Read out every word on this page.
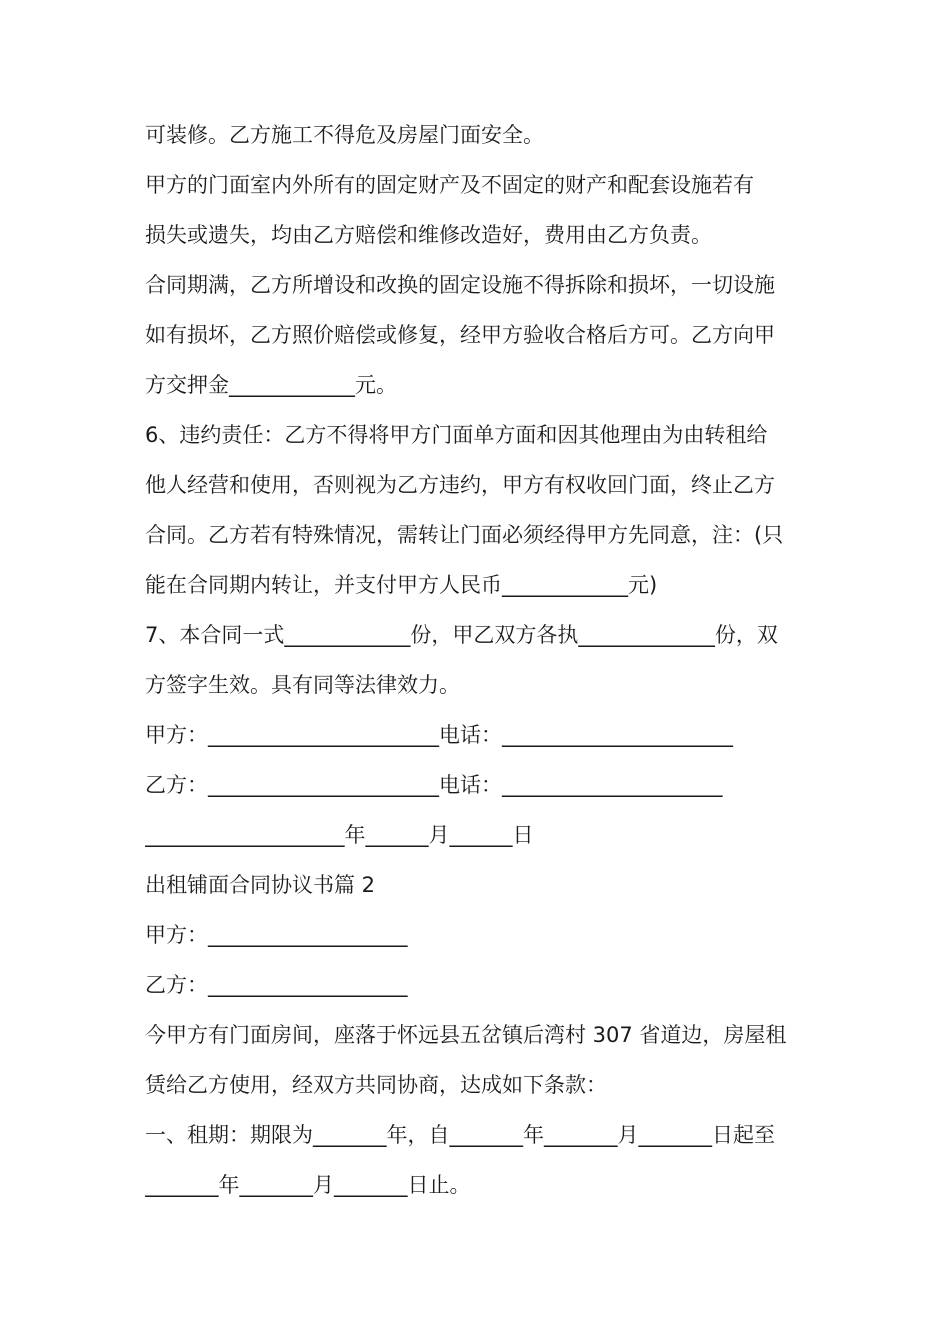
可装修。乙方施工不得危及房屋门面安全。
甲方的门面室内外所有的固定财产及不固定的财产和配套设施若有
损失或遗失，均由乙方赔偿和维修改造好，费用由乙方负责。
合同期满，乙方所增设和改换的固定设施不得拆除和损坏，一切设施
如有损坏，乙方照价赔偿或修复，经甲方验收合格后方可。乙方向甲
方交押金____________元。
6、违约责任：乙方不得将甲方门面单方面和因其他理由为由转租给
他人经营和使用，否则视为乙方违约，甲方有权收回门面，终止乙方
合同。乙方若有特殊情况，需转让门面必须经得甲方先同意，注：(只
能在合同期内转让，并支付甲方人民币____________元)
7、本合同一式____________份，甲乙双方各执_____________份，双
方签字生效。具有同等法律效力。
甲方：______________________电话：______________________
乙方：______________________电话：_____________________
___________________年______月______日
出租铺面合同协议书篇 2
甲方：___________________
乙方：___________________
今甲方有门面房间，座落于怀远县五岔镇后湾村 307 省道边，房屋租
赁给乙方使用，经双方共同协商，达成如下条款：
一、租期：期限为_______年，自_______年_______月_______日起至
_______年_______月_______日止。
